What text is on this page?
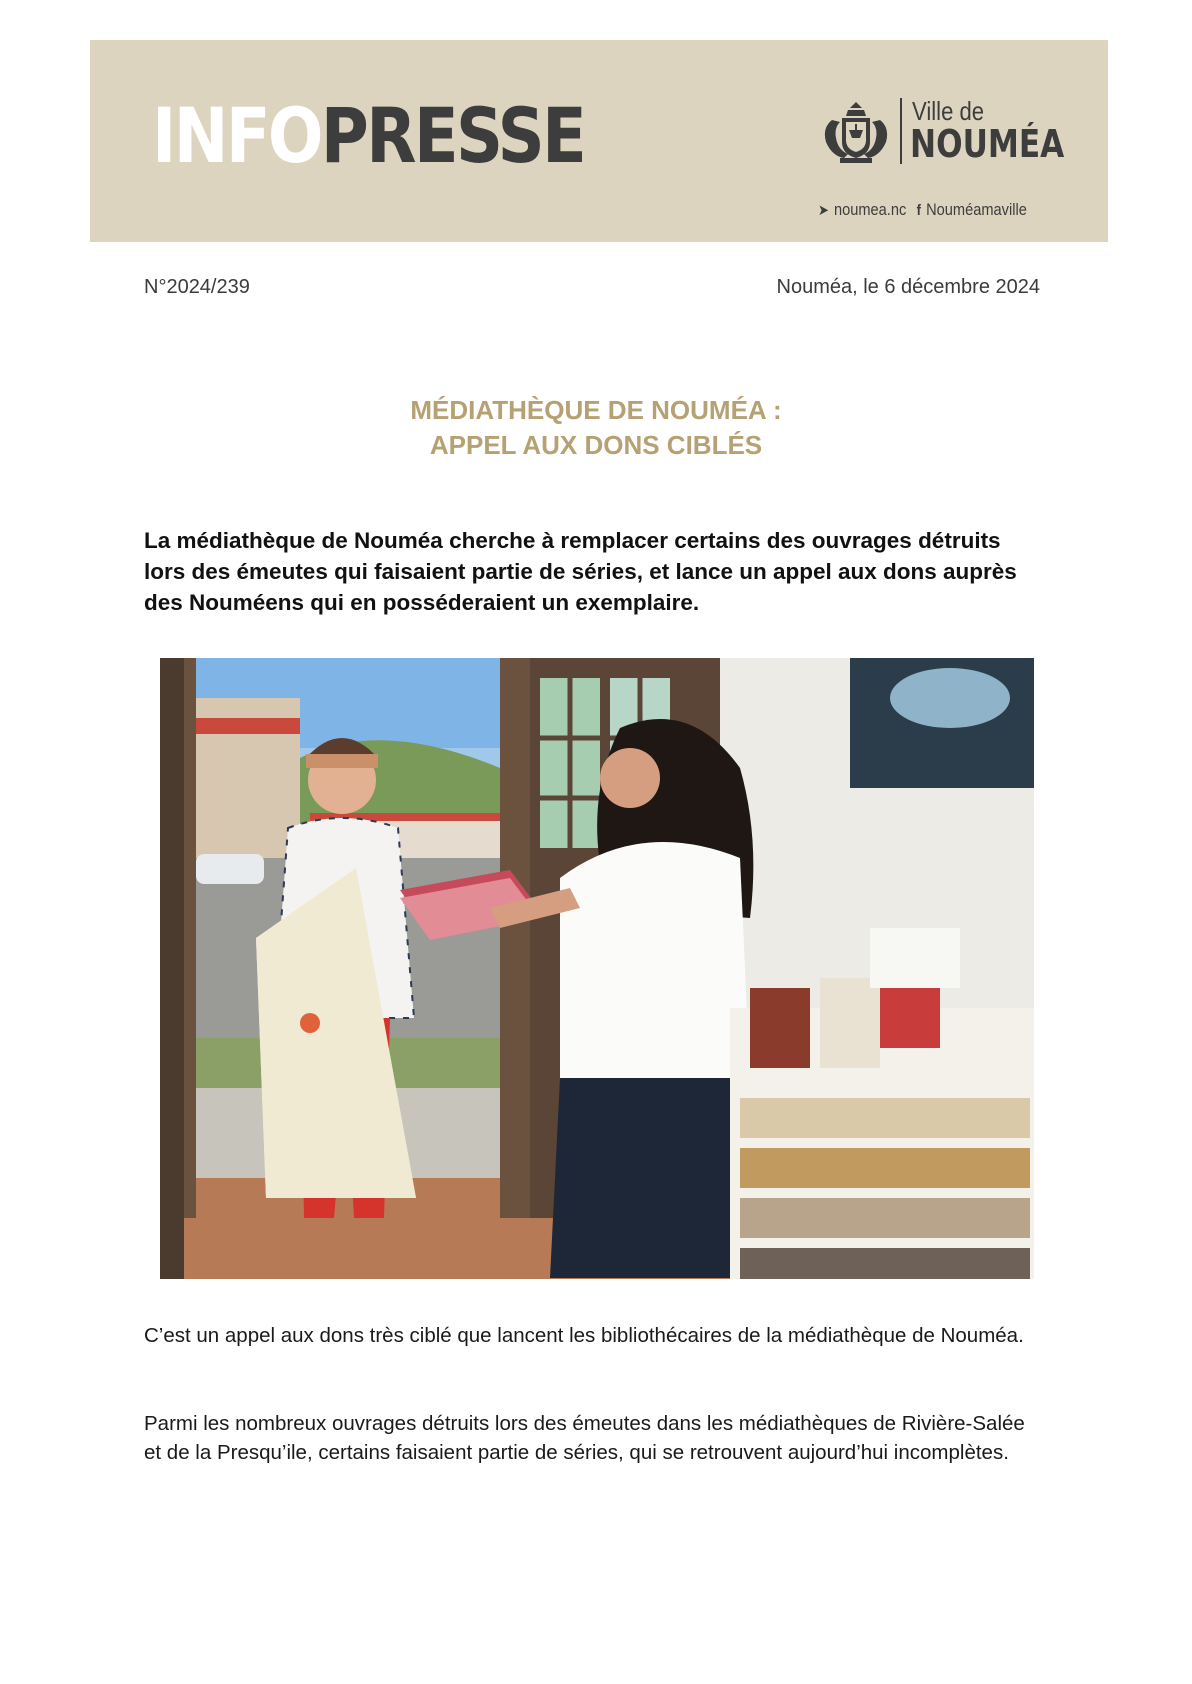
INFOPRESSE	Ville de
NOUMÉA
➤ noumea.nc f Nouméamaville
N°2024/239	Nouméa, le 6 décembre 2024
MÉDIATHÈQUE DE NOUMÉA :
APPEL AUX DONS CIBLÉS
La médiathèque de Nouméa cherche à remplacer certains des ouvrages détruits lors des émeutes qui faisaient partie de séries, et lance un appel aux dons auprès des Nouméens qui en posséderaient un exemplaire.
C’est un appel aux dons très ciblé que lancent les bibliothécaires de la médiathèque de Nouméa.
Parmi les nombreux ouvrages détruits lors des émeutes dans les médiathèques de Rivière-Salée et de la Presqu’ile, certains faisaient partie de séries, qui se retrouvent aujourd’hui incomplètes.
